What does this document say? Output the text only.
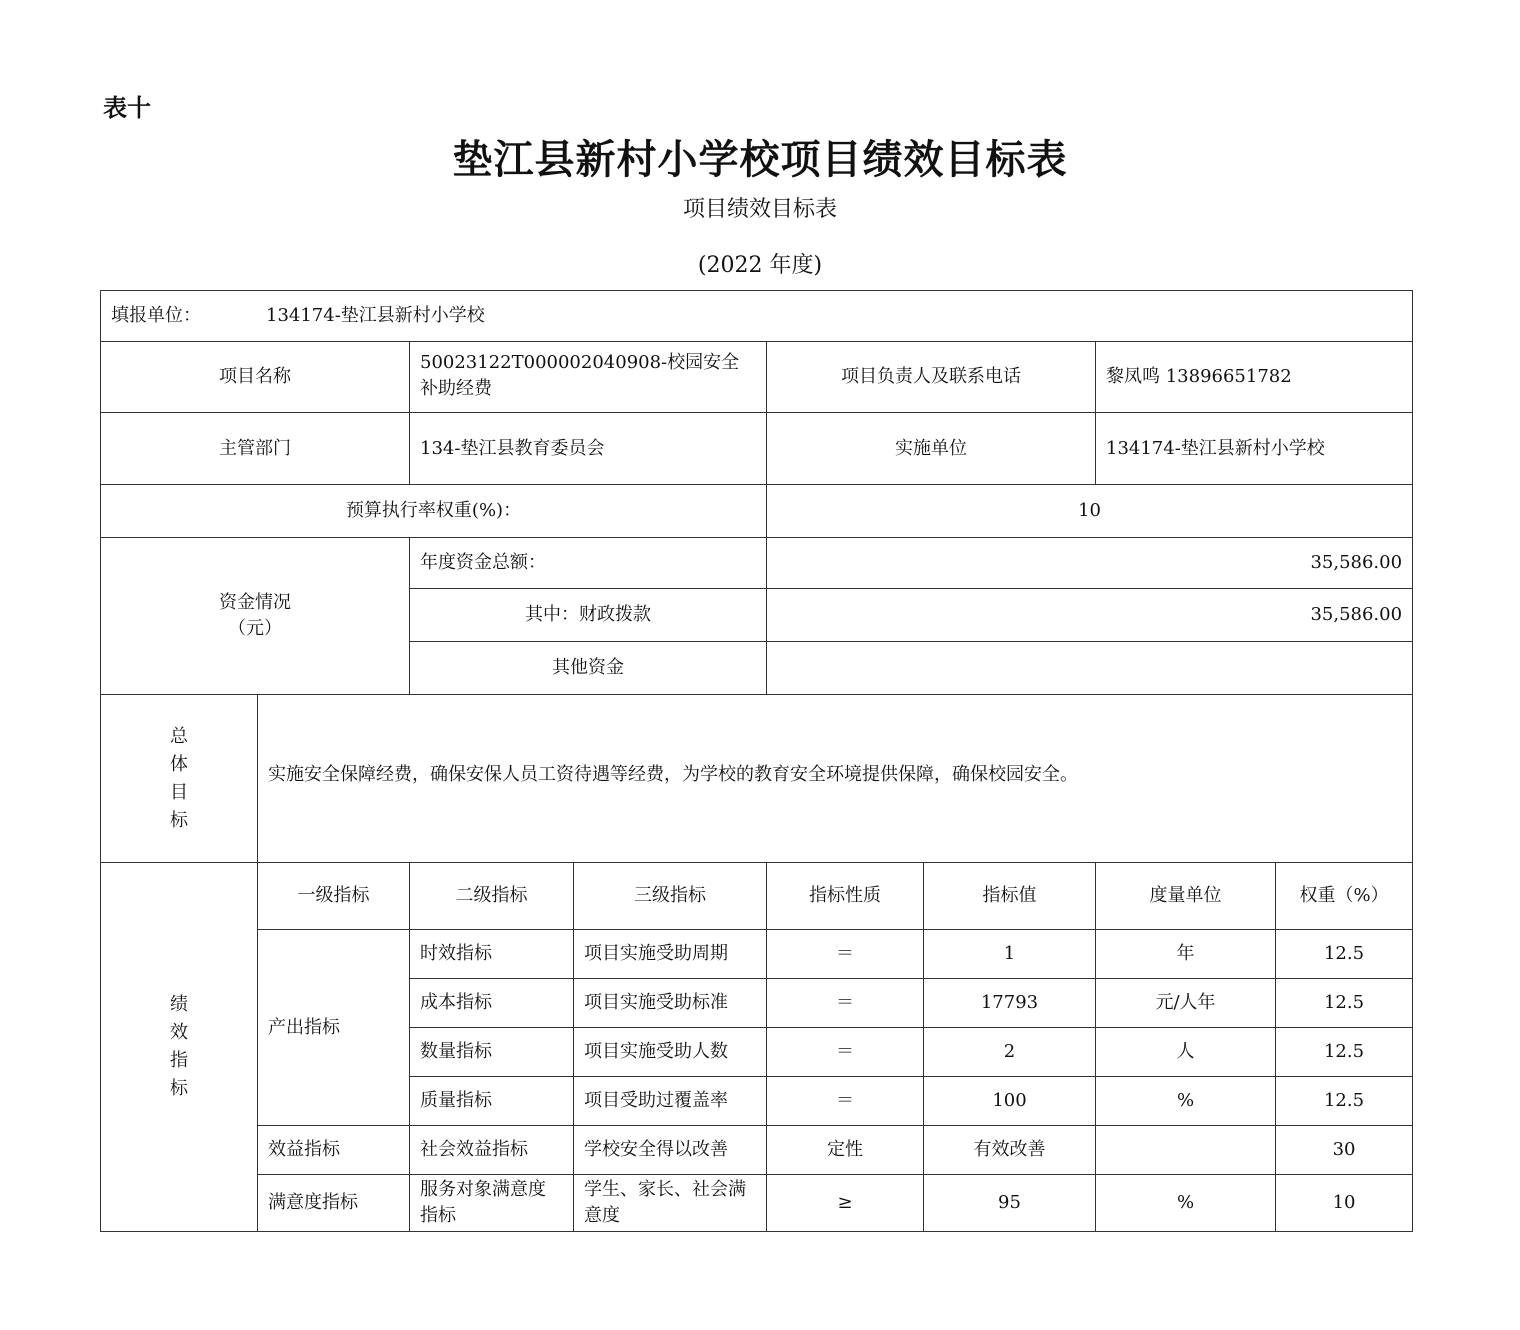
表十
垫江县新村小学校项目绩效目标表
项目绩效目标表
(2022 年度)
填报单位： 134174-垫江县新村小学校							
项目名称		50023122T000002040908-校园安全补助经费		项目负责人及联系电话		黎凤鸣 13896651782	
主管部门		134-垫江县教育委员会		实施单位		134174-垫江县新村小学校	
预算执行率权重(%)：				10			
资金情况
（元）		年度资金总额：		35,586.00			
		其中：财政拨款		35,586.00			
		其他资金					

总
体
目
标	实施安全保障经费，确保安保人员工资待遇等经费，为学校的教育安全环境提供保障，确保校园安全。						

绩
效
指
标	一级指标	二级指标	三级指标	指标性质	指标值	度量单位	权重（%）
	产出指标	时效指标	项目实施受助周期	＝	1	年	12.5
		成本指标	项目实施受助标准	＝	17793	元/人年	12.5
		数量指标	项目实施受助人数	＝	2	人	12.5
		质量指标	项目受助过覆盖率	＝	100	%	12.5
	效益指标	社会效益指标	学校安全得以改善	定性	有效改善		30
	满意度指标	服务对象满意度指标	学生、家长、社会满意度	≥	95	%	10
